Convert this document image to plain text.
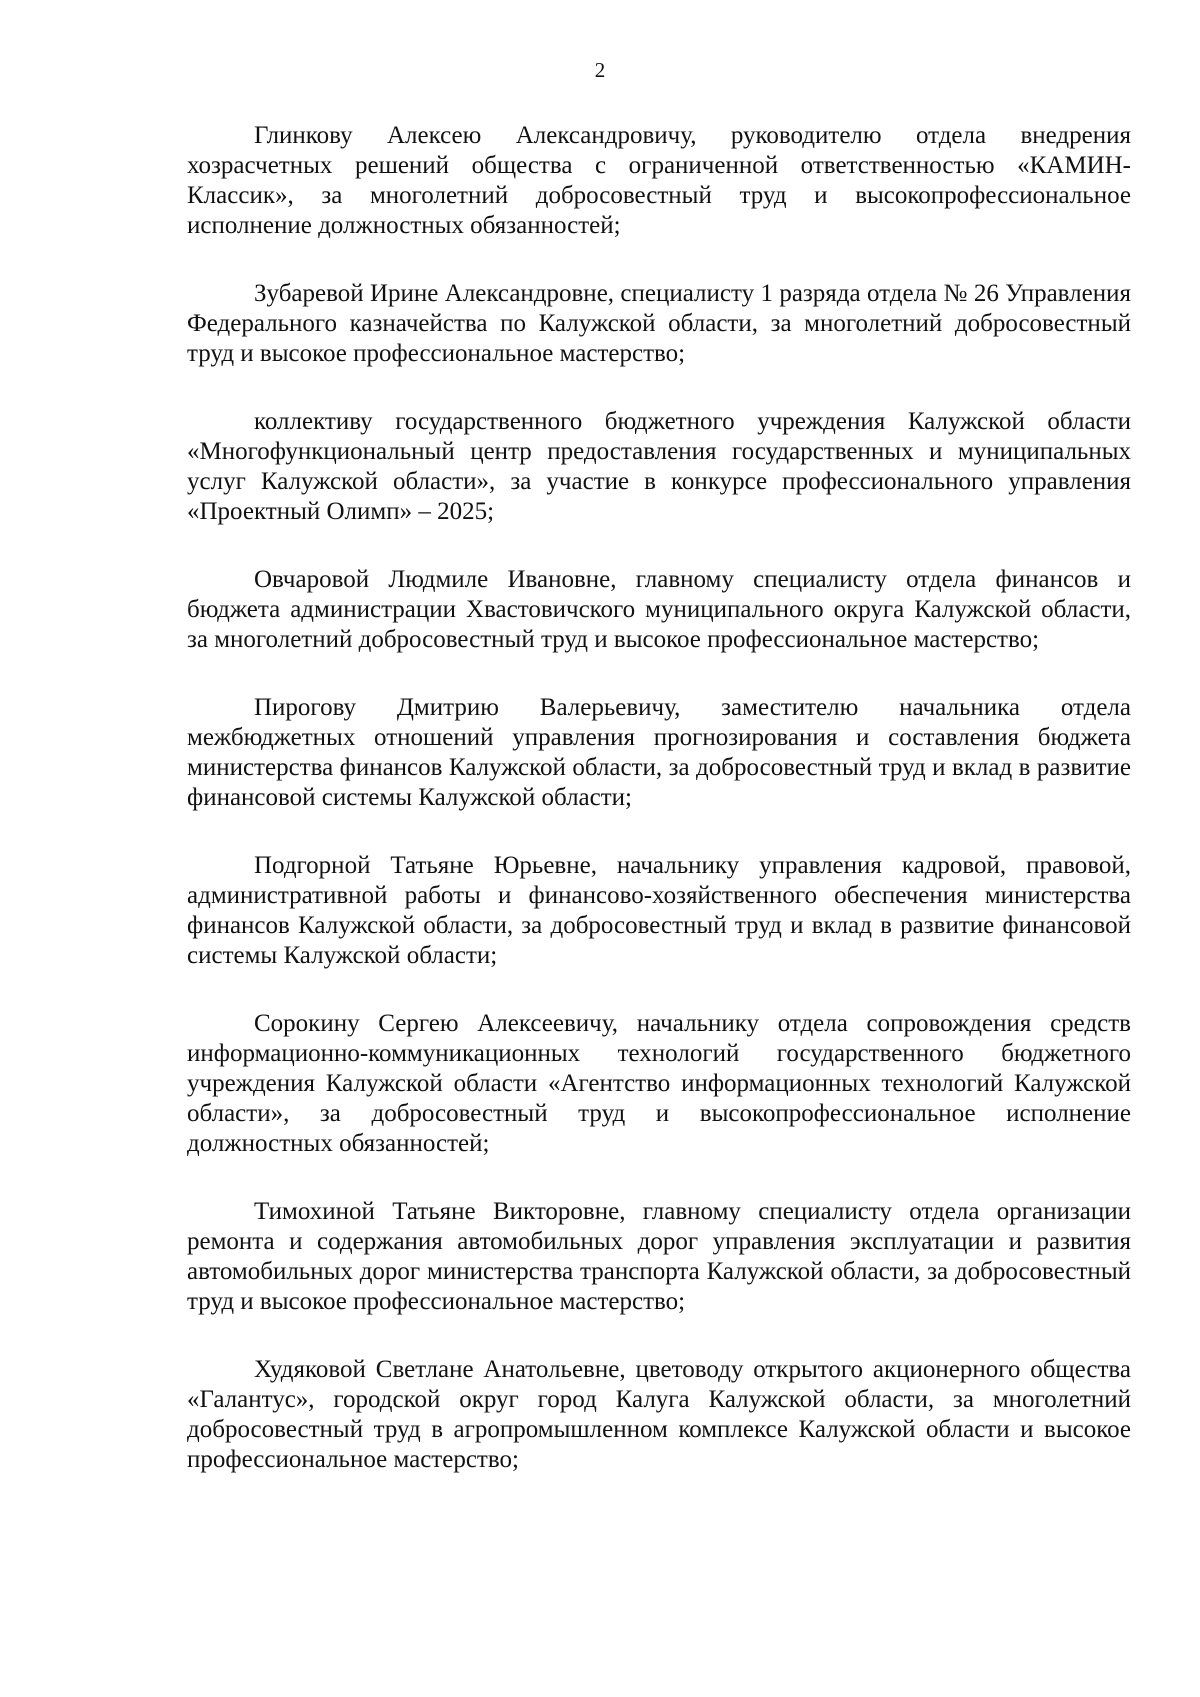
2

Глинкову Алексею Александровичу, руководителю отдела внедрения хозрасчетных решений общества с ограниченной ответственностью «КАМИН-Классик», за многолетний добросовестный труд и высокопрофессиональное исполнение должностных обязанностей;

Зубаревой Ирине Александровне, специалисту 1 разряда отдела № 26 Управления Федерального казначейства по Калужской области, за многолетний добросовестный труд и высокое профессиональное мастерство;

коллективу государственного бюджетного учреждения Калужской области «Многофункциональный центр предоставления государственных и муниципальных услуг Калужской области», за участие в конкурсе профессионального управления «Проектный Олимп» – 2025;

Овчаровой Людмиле Ивановне, главному специалисту отдела финансов и бюджета администрации Хвастовичского муниципального округа Калужской области, за многолетний добросовестный труд и высокое профессиональное мастерство;

Пирогову Дмитрию Валерьевичу, заместителю начальника отдела межбюджетных отношений управления прогнозирования и составления бюджета министерства финансов Калужской области, за добросовестный труд и вклад в развитие финансовой системы Калужской области;

Подгорной Татьяне Юрьевне, начальнику управления кадровой, правовой, административной работы и финансово-хозяйственного обеспечения министерства финансов Калужской области, за добросовестный труд и вклад в развитие финансовой системы Калужской области;

Сорокину Сергею Алексеевичу, начальнику отдела сопровождения средств информационно-коммуникационных технологий государственного бюджетного учреждения Калужской области «Агентство информационных технологий Калужской области», за добросовестный труд и высокопрофессиональное исполнение должностных обязанностей;

Тимохиной Татьяне Викторовне, главному специалисту отдела организации ремонта и содержания автомобильных дорог управления эксплуатации и развития автомобильных дорог министерства транспорта Калужской области, за добросовестный труд и высокое профессиональное мастерство;

Худяковой Светлане Анатольевне, цветоводу открытого акционерного общества «Галантус», городской округ город Калуга Калужской области, за многолетний добросовестный труд в агропромышленном комплексе Калужской области и высокое профессиональное мастерство;
